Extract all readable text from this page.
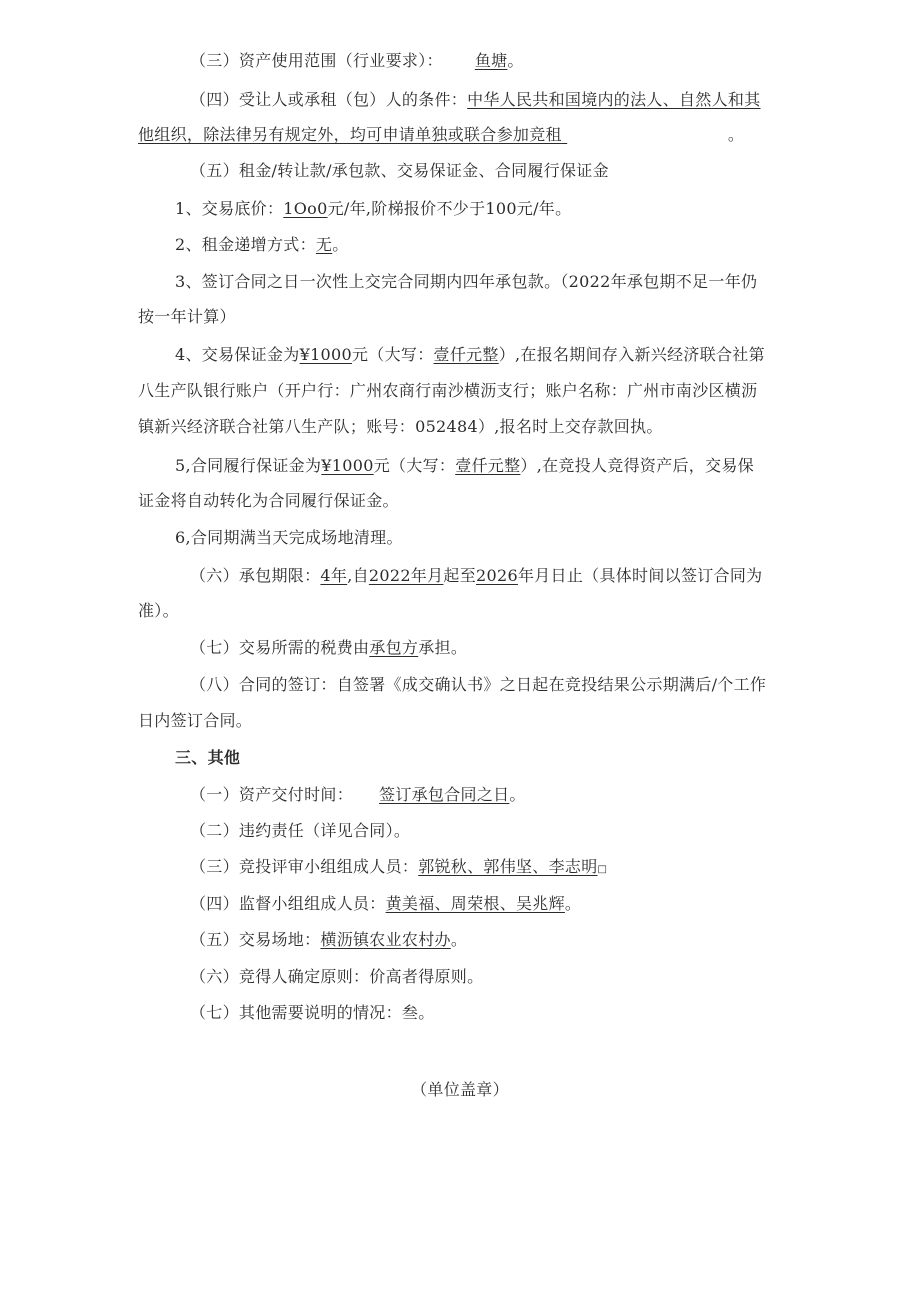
（三）资产使用范围（行业要求）： 鱼塘。
（四）受让人或承租（包）人的条件：中华人民共和国境内的法人、自然人和其
他组织，除法律另有规定外，均可申请单独或联合参加竞租	。
（五）租金/转让款/承包款、交易保证金、合同履行保证金
1、交易底价：1Oo0元/年,阶梯报价不少于100元/年。
2、租金递增方式：无。
3、签订合同之日一次性上交完合同期内四年承包款。（2022年承包期不足一年仍
按一年计算）
4、交易保证金为¥1000元（大写：壹仟元整）,在报名期间存入新兴经济联合社第
八生产队银行账户（开户行：广州农商行南沙横沥支行；账户名称：广州市南沙区横沥
镇新兴经济联合社第八生产队；账号：052484）,报名时上交存款回执。
5,合同履行保证金为¥1000元（大写：壹仟元整）,在竞投人竞得资产后，交易保
证金将自动转化为合同履行保证金。
6,合同期满当天完成场地清理。
（六）承包期限：4年,自2022年月起至2026年月日止（具体时间以签订合同为
准）。
（七）交易所需的税费由承包方承担。
（八）合同的签订：自签署《成交确认书》之日起在竞投结果公示期满后/个工作
日内签订合同。
三、其他
（一）资产交付时间： 签订承包合同之日。
（二）违约责任（详见合同）。
（三）竞投评审小组组成人员：郭锐秋、郭伟坚、李志明□
（四）监督小组组成人员：黄美福、周荣根、吴兆辉。
（五）交易场地：横沥镇农业农村办。
（六）竞得人确定原则：价高者得原则。
（七）其他需要说明的情况：叁。
（单位盖章）
